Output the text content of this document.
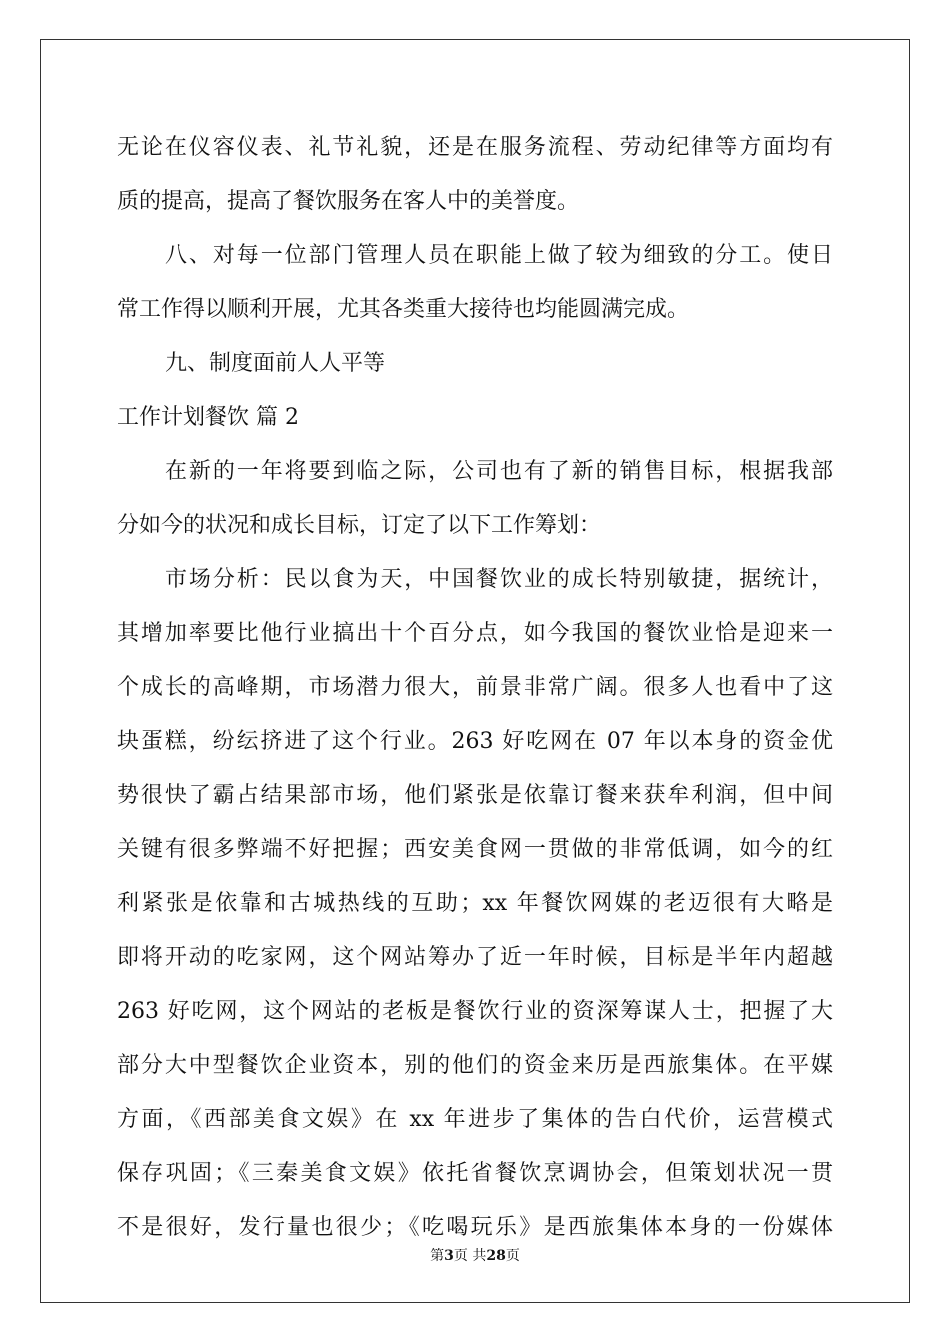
无论在仪容仪表、礼节礼貌，还是在服务流程、劳动纪律等方面均有
质的提高，提高了餐饮服务在客人中的美誉度。
八、对每一位部门管理人员在职能上做了较为细致的分工。使日
常工作得以顺利开展，尤其各类重大接待也均能圆满完成。
九、制度面前人人平等
工作计划餐饮 篇 2
在新的一年将要到临之际，公司也有了新的销售目标，根据我部
分如今的状况和成长目标，订定了以下工作筹划：
市场分析：民以食为天，中国餐饮业的成长特别敏捷，据统计，
其增加率要比他行业搞出十个百分点，如今我国的餐饮业恰是迎来一
个成长的高峰期，市场潜力很大，前景非常广阔。很多人也看中了这
块蛋糕，纷纭挤进了这个行业。263 好吃网在 07 年以本身的资金优
势很快了霸占结果部市场，他们紧张是依靠订餐来获牟利润，但中间
关键有很多弊端不好把握；西安美食网一贯做的非常低调，如今的红
利紧张是依靠和古城热线的互助；xx 年餐饮网媒的老迈很有大略是
即将开动的吃家网，这个网站筹办了近一年时候，目标是半年内超越
263 好吃网，这个网站的老板是餐饮行业的资深筹谋人士，把握了大
部分大中型餐饮企业资本，别的他们的资金来历是西旅集体。在平媒
方面，《西部美食文娱》在 xx 年进步了集体的告白代价，运营模式
保存巩固；《三秦美食文娱》依托省餐饮烹调协会，但策划状况一贯
不是很好，发行量也很少；《吃喝玩乐》是西旅集体本身的一份媒体
第3页 共28页
